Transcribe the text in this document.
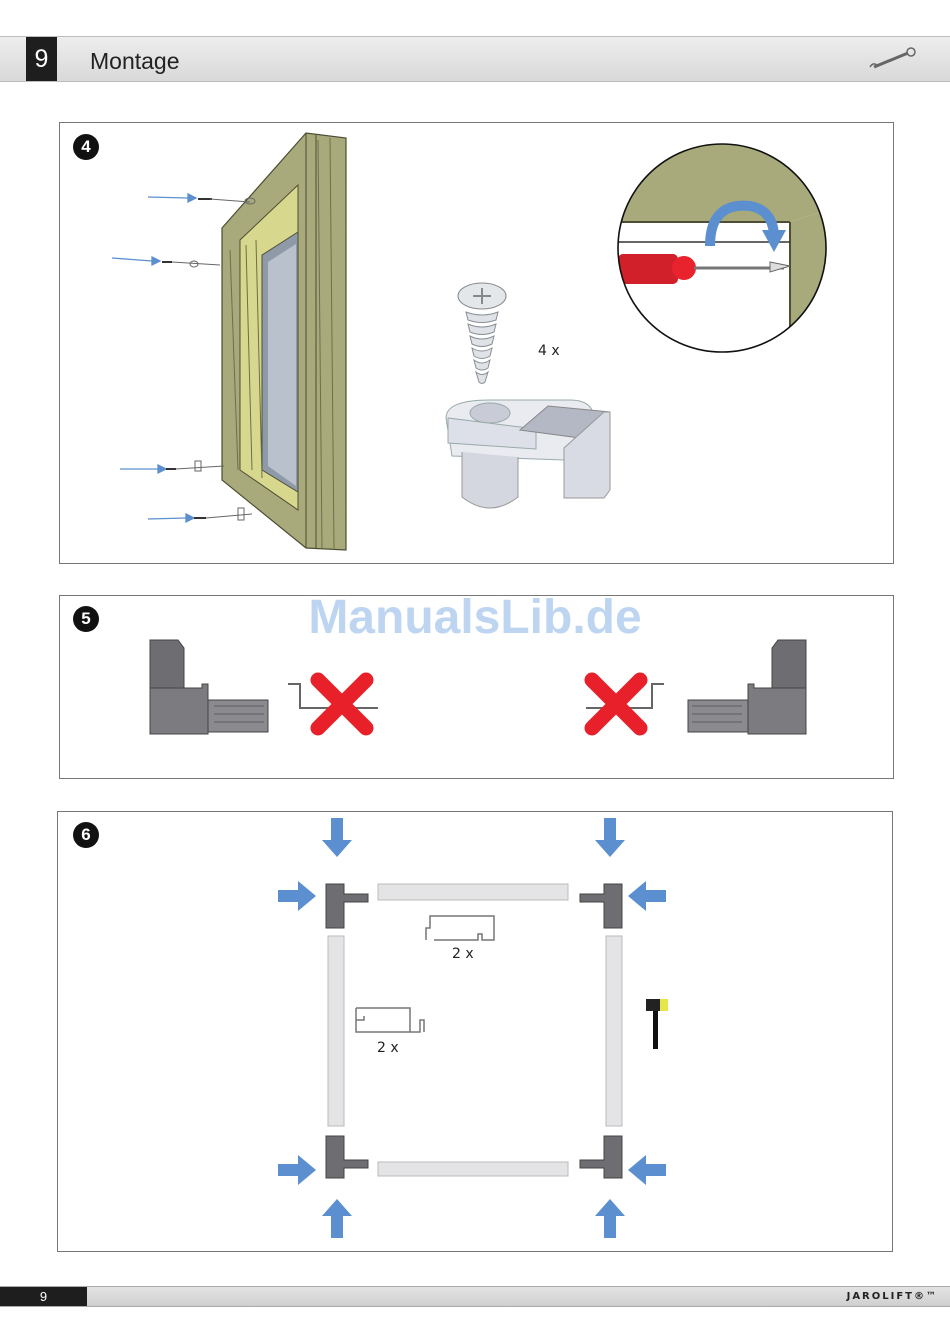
9	Montage
4
4 x
5	ManualsLib.de
6
2 x
2 x
9	JAROLIFT®™
